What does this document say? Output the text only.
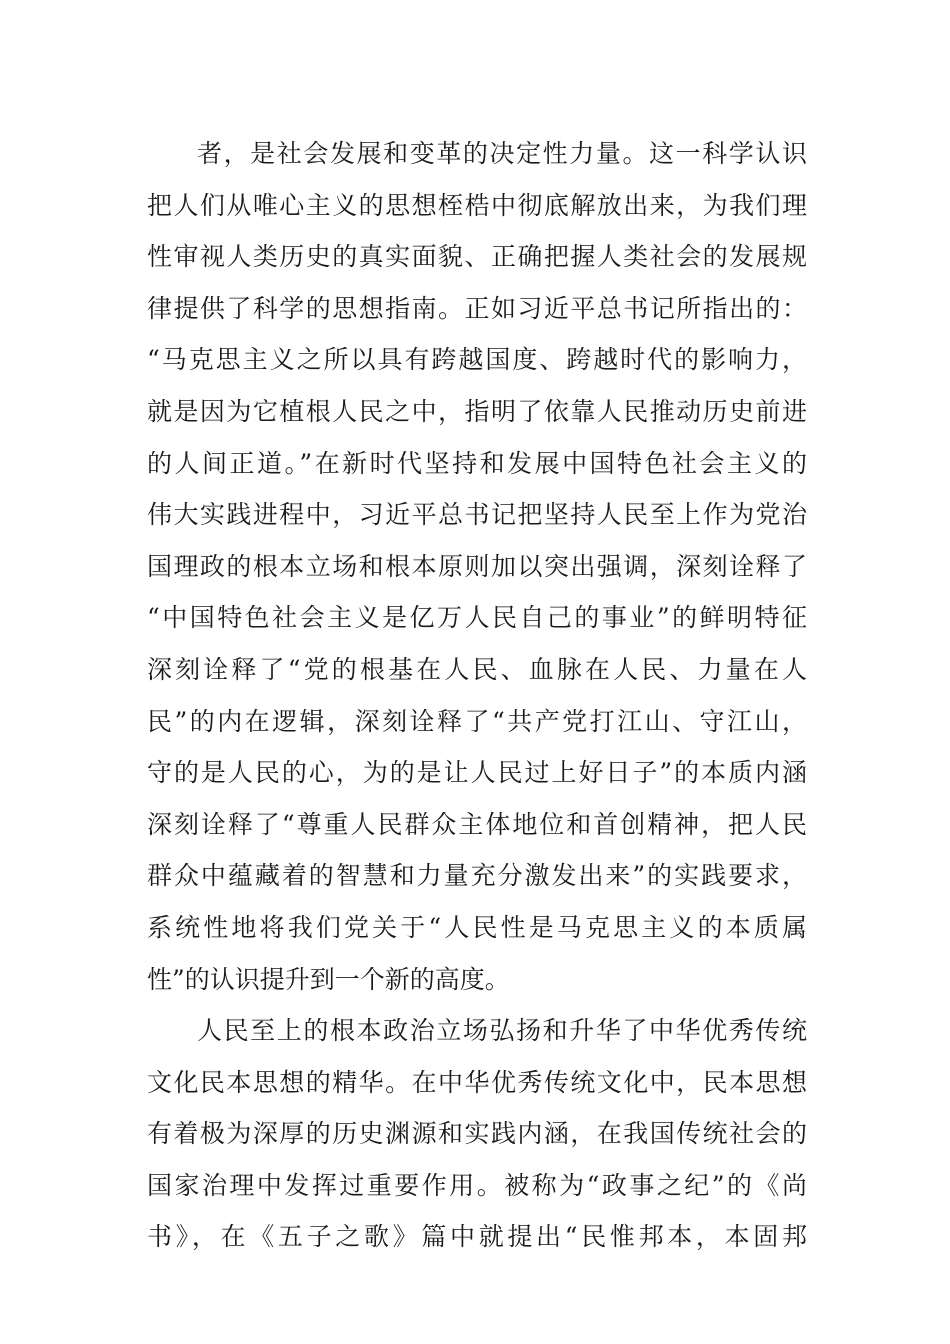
者，是社会发展和变革的决定性力量。这一科学认识
把人们从唯心主义的思想桎梏中彻底解放出来，为我们理
性审视人类历史的真实面貌、正确把握人类社会的发展规
律提供了科学的思想指南。正如习近平总书记所指出的：
“马克思主义之所以具有跨越国度、跨越时代的影响力，
就是因为它植根人民之中，指明了依靠人民推动历史前进
的人间正道。”在新时代坚持和发展中国特色社会主义的
伟大实践进程中，习近平总书记把坚持人民至上作为党治
国理政的根本立场和根本原则加以突出强调，深刻诠释了
“中国特色社会主义是亿万人民自己的事业”的鲜明特征
深刻诠释了“党的根基在人民、血脉在人民、力量在人
民”的内在逻辑，深刻诠释了“共产党打江山、守江山，
守的是人民的心，为的是让人民过上好日子”的本质内涵
深刻诠释了“尊重人民群众主体地位和首创精神，把人民
群众中蕴藏着的智慧和力量充分激发出来”的实践要求，
系统性地将我们党关于“人民性是马克思主义的本质属
性”的认识提升到一个新的高度。
人民至上的根本政治立场弘扬和升华了中华优秀传统
文化民本思想的精华。在中华优秀传统文化中，民本思想
有着极为深厚的历史渊源和实践内涵，在我国传统社会的
国家治理中发挥过重要作用。被称为“政事之纪”的《尚
书》，在《五子之歌》篇中就提出“民惟邦本，本固邦
